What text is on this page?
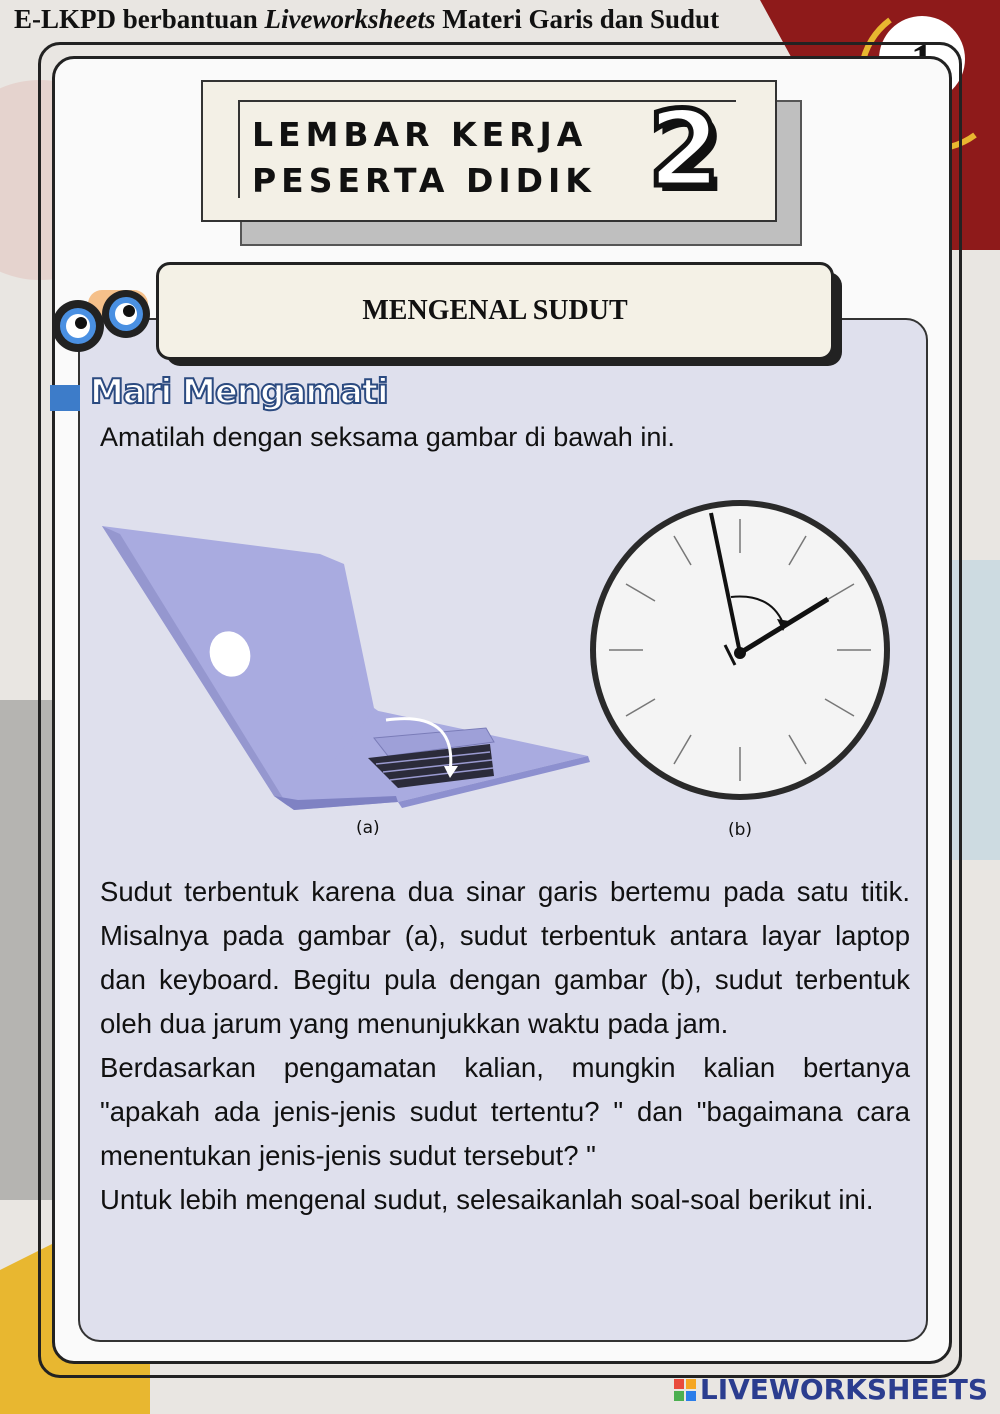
E-LKPD berbantuan Liveworksheets Materi Garis dan Sudut
LEMBAR KERJA
PESERTA DIDIK 2
MENGENAL SUDUT
Mari Mengamati
Amatilah dengan seksama gambar di bawah ini.
(a)	(b)

Sudut terbentuk karena dua sinar garis bertemu pada satu titik. Misalnya pada gambar (a), sudut terbentuk antara layar laptop dan keyboard. Begitu pula dengan gambar (b), sudut terbentuk oleh dua jarum yang menunjukkan waktu pada jam.

Berdasarkan pengamatan kalian, mungkin kalian bertanya "apakah ada jenis-jenis sudut tertentu? " dan "bagaimana cara menentukan jenis-jenis sudut tersebut? "

Untuk lebih mengenal sudut, selesaikanlah soal-soal berikut ini.

LIVEWORKSHEETS
